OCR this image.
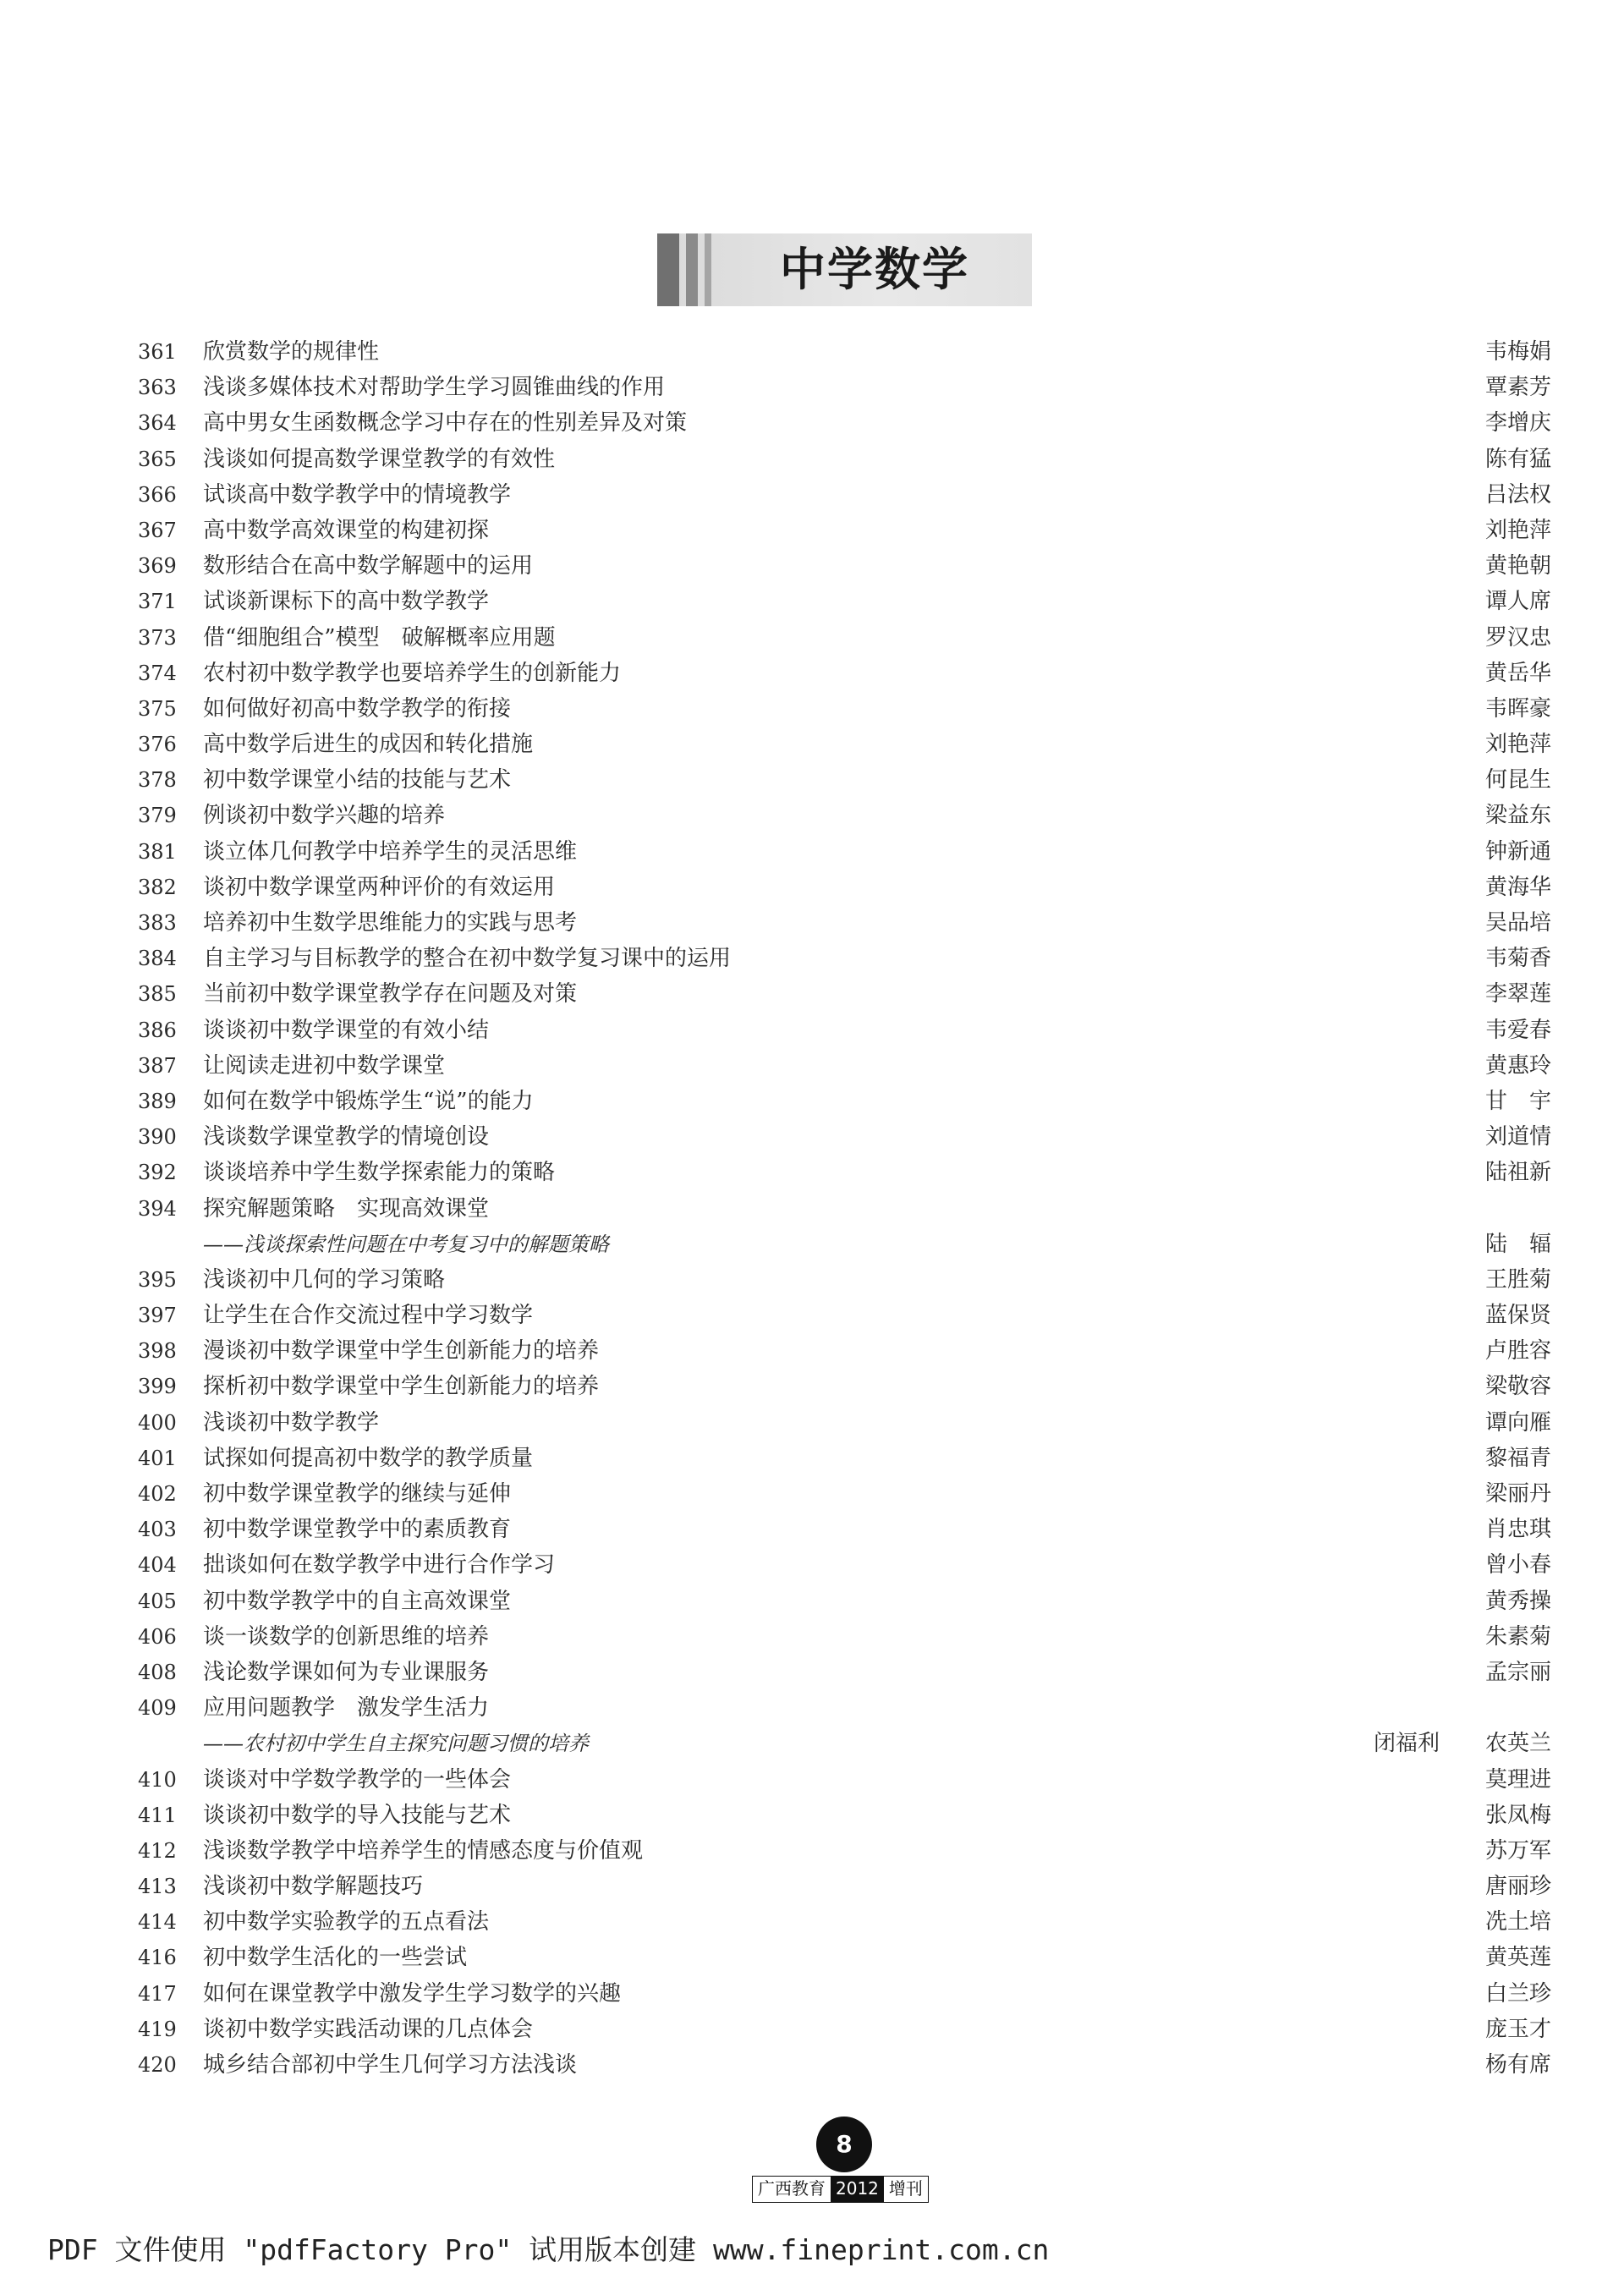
中学数学
361	欣赏数学的规律性	韦梅娟
363	浅谈多媒体技术对帮助学生学习圆锥曲线的作用	覃素芳
364	高中男女生函数概念学习中存在的性别差异及对策	李增庆
365	浅谈如何提高数学课堂教学的有效性	陈有猛
366	试谈高中数学教学中的情境教学	吕法权
367	高中数学高效课堂的构建初探	刘艳萍
369	数形结合在高中数学解题中的运用	黄艳朝
371	试谈新课标下的高中数学教学	谭人席
373	借“细胞组合”模型　破解概率应用题	罗汉忠
374	农村初中数学教学也要培养学生的创新能力	黄岳华
375	如何做好初高中数学教学的衔接	韦晖豪
376	高中数学后进生的成因和转化措施	刘艳萍
378	初中数学课堂小结的技能与艺术	何昆生
379	例谈初中数学兴趣的培养	梁益东
381	谈立体几何教学中培养学生的灵活思维	钟新通
382	谈初中数学课堂两种评价的有效运用	黄海华
383	培养初中生数学思维能力的实践与思考	吴品培
384	自主学习与目标教学的整合在初中数学复习课中的运用	韦菊香
385	当前初中数学课堂教学存在问题及对策	李翠莲
386	谈谈初中数学课堂的有效小结	韦爱春
387	让阅读走进初中数学课堂	黄惠玲
389	如何在数学中锻炼学生“说”的能力	甘　宇
390	浅谈数学课堂教学的情境创设	刘道情
392	谈谈培养中学生数学探索能力的策略	陆祖新
394	探究解题策略　实现高效课堂
——浅谈探索性问题在中考复习中的解题策略	陆　辐
395	浅谈初中几何的学习策略	王胜菊
397	让学生在合作交流过程中学习数学	蓝保贤
398	漫谈初中数学课堂中学生创新能力的培养	卢胜容
399	探析初中数学课堂中学生创新能力的培养	梁敬容
400	浅谈初中数学教学	谭向雁
401	试探如何提高初中数学的教学质量	黎福青
402	初中数学课堂教学的继续与延伸	梁丽丹
403	初中数学课堂教学中的素质教育	肖忠琪
404	拙谈如何在数学教学中进行合作学习	曾小春
405	初中数学教学中的自主高效课堂	黄秀操
406	谈一谈数学的创新思维的培养	朱素菊
408	浅论数学课如何为专业课服务	孟宗丽
409	应用问题教学　激发学生活力
——农村初中学生自主探究问题习惯的培养	闭福利 农英兰
410	谈谈对中学数学教学的一些体会	莫理进
411	谈谈初中数学的导入技能与艺术	张凤梅
412	浅谈数学教学中培养学生的情感态度与价值观	苏万军
413	浅谈初中数学解题技巧	唐丽珍
414	初中数学实验教学的五点看法	冼土培
416	初中数学生活化的一些尝试	黄英莲
417	如何在课堂教学中激发学生学习数学的兴趣	白兰珍
419	谈初中数学实践活动课的几点体会	庞玉才
420	城乡结合部初中学生几何学习方法浅谈	杨有席
8
广西教育 2012 增刊
PDF 文件使用 "pdfFactory Pro" 试用版本创建 www.fineprint.com.cn
